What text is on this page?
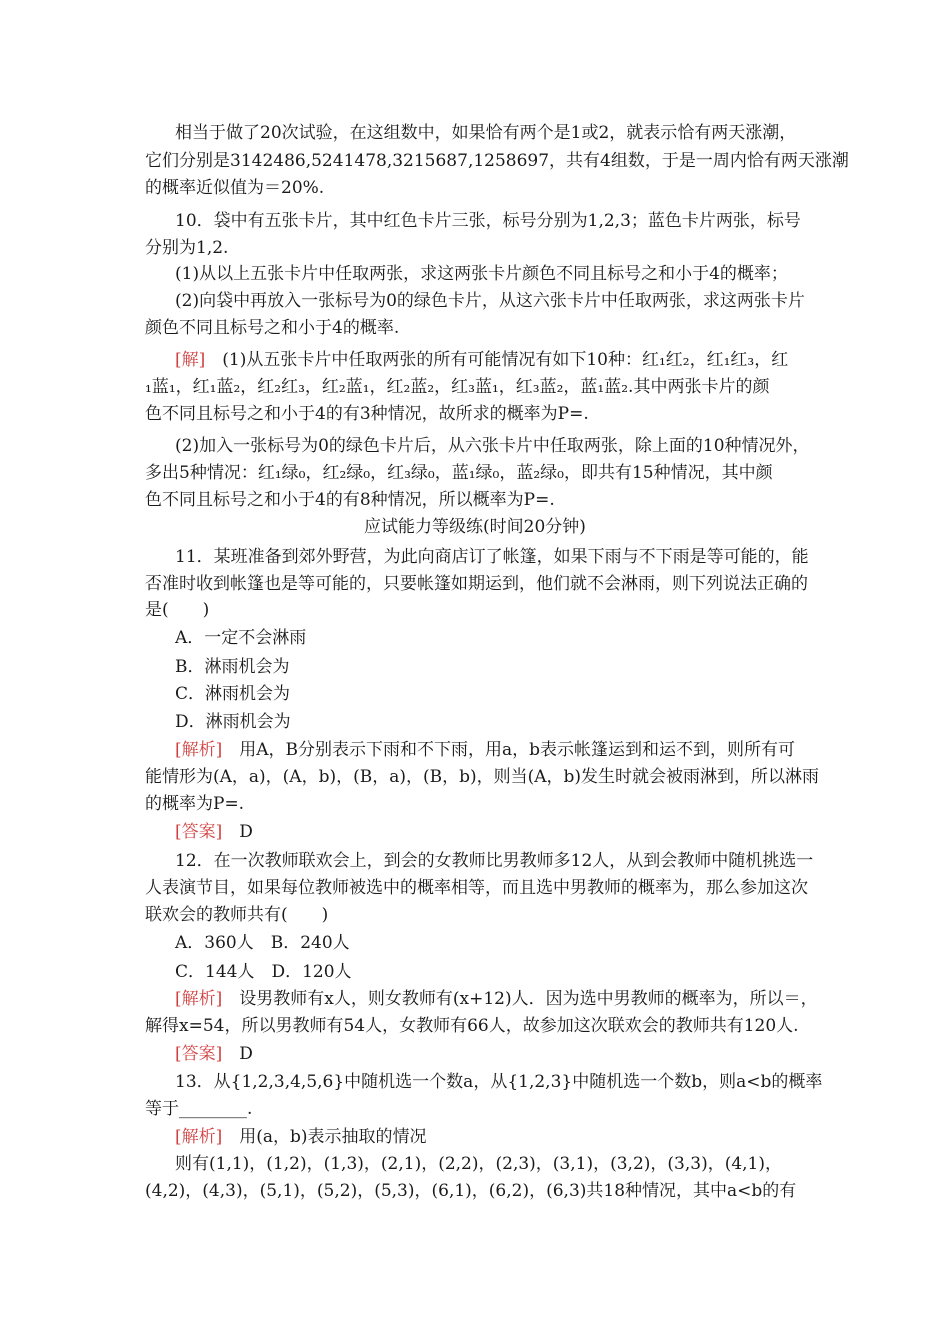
相当于做了20次试验，在这组数中，如果恰有两个是1或2，就表示恰有两天涨潮，
它们分别是3142486,5241478,3215687,1258697，共有4组数，于是一周内恰有两天涨潮
的概率近似值为＝20%.
10．袋中有五张卡片，其中红色卡片三张，标号分别为1,2,3；蓝色卡片两张，标号
分别为1,2.
(1)从以上五张卡片中任取两张，求这两张卡片颜色不同且标号之和小于4的概率；
(2)向袋中再放入一张标号为0的绿色卡片，从这六张卡片中任取两张，求这两张卡片
颜色不同且标号之和小于4的概率.
[解]　(1)从五张卡片中任取两张的所有可能情况有如下10种：红₁红₂，红₁红₃，红
₁蓝₁，红₁蓝₂，红₂红₃，红₂蓝₁，红₂蓝₂，红₃蓝₁，红₃蓝₂，蓝₁蓝₂.其中两张卡片的颜
色不同且标号之和小于4的有3种情况，故所求的概率为P=.
(2)加入一张标号为0的绿色卡片后，从六张卡片中任取两张，除上面的10种情况外，
多出5种情况：红₁绿₀，红₂绿₀，红₃绿₀，蓝₁绿₀，蓝₂绿₀，即共有15种情况，其中颜
色不同且标号之和小于4的有8种情况，所以概率为P=.
应试能力等级练(时间20分钟)
11．某班准备到郊外野营，为此向商店订了帐篷，如果下雨与不下雨是等可能的，能
否准时收到帐篷也是等可能的，只要帐篷如期运到，他们就不会淋雨，则下列说法正确的
是(　　)
A．一定不会淋雨
B．淋雨机会为
C．淋雨机会为
D．淋雨机会为
[解析]　用A，B分别表示下雨和不下雨，用a，b表示帐篷运到和运不到，则所有可
能情形为(A，a)，(A，b)，(B，a)，(B，b)，则当(A，b)发生时就会被雨淋到，所以淋雨
的概率为P=.
[答案]　D
12．在一次教师联欢会上，到会的女教师比男教师多12人，从到会教师中随机挑选一
人表演节目，如果每位教师被选中的概率相等，而且选中男教师的概率为，那么参加这次
联欢会的教师共有(　　)
A．360人　B．240人
C．144人　D．120人
[解析]　设男教师有x人，则女教师有(x+12)人．因为选中男教师的概率为，所以＝，
解得x=54，所以男教师有54人，女教师有66人，故参加这次联欢会的教师共有120人.
[答案]　D
13．从{1,2,3,4,5,6}中随机选一个数a，从{1,2,3}中随机选一个数b，则a<b的概率
等于________.
[解析]　用(a，b)表示抽取的情况
则有(1,1)，(1,2)，(1,3)，(2,1)，(2,2)，(2,3)，(3,1)，(3,2)，(3,3)，(4,1)，
(4,2)，(4,3)，(5,1)，(5,2)，(5,3)，(6,1)，(6,2)，(6,3)共18种情况，其中a<b的有
